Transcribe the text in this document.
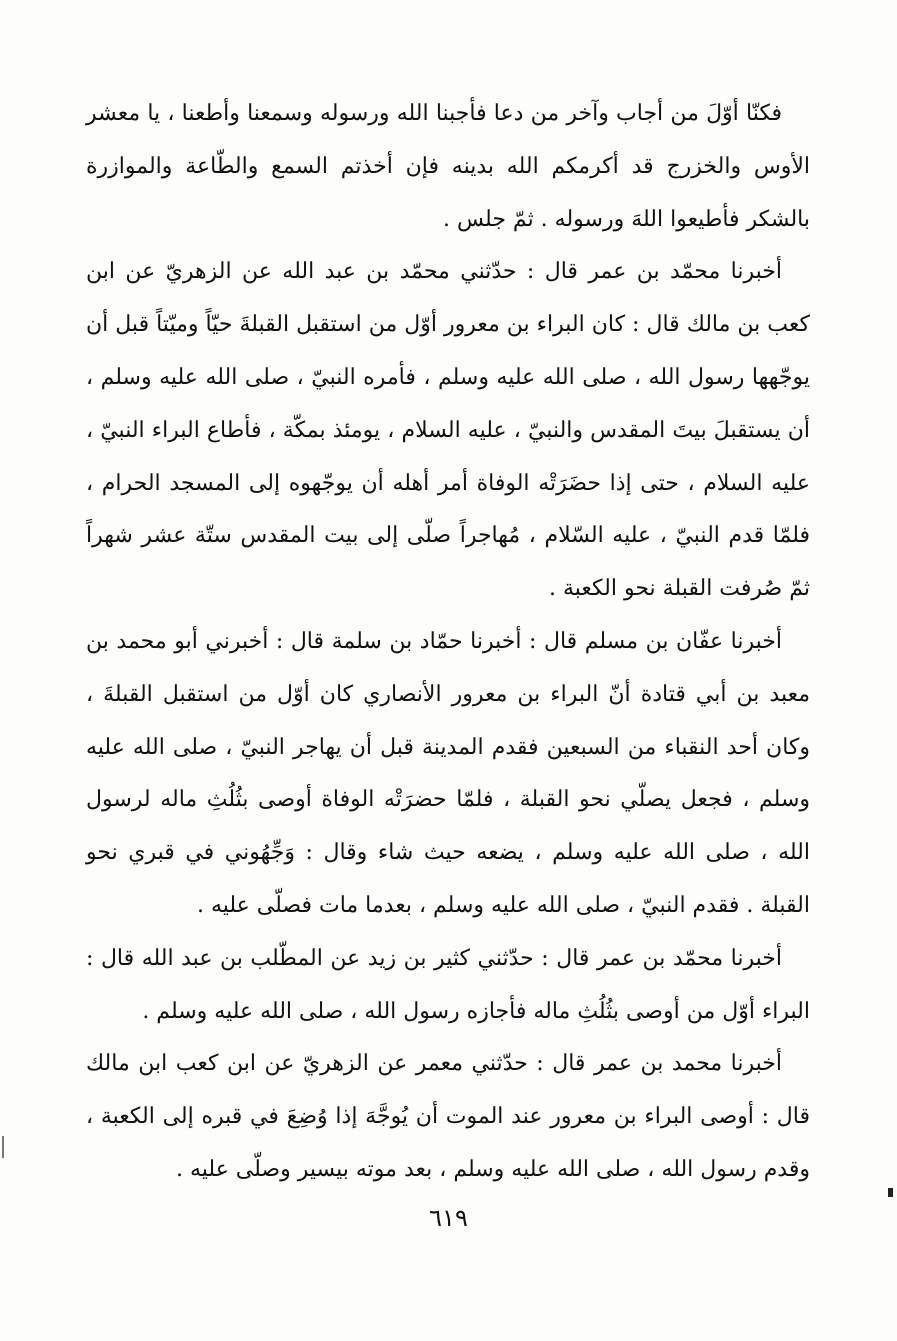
فكنّا أوّلَ من أجاب وآخر من دعا فأجبنا الله ورسوله وسمعنا وأطعنا ، يا معشر الأوس والخزرج قد أكرمكم الله بدينه فإن أخذتم السمع والطّاعة والموازرة بالشكر فأطيعوا اللهَ ورسوله . ثمّ جلس .

أخبرنا محمّد بن عمر قال : حدّثني محمّد بن عبد الله عن الزهريّ عن ابن كعب بن مالك قال : كان البراء بن معرور أوّل من استقبل القبلةَ حيّاً وميّتاً قبل أن يوجّهها رسول الله ، صلى الله عليه وسلم ، فأمره النبيّ ، صلى الله عليه وسلم ، أن يستقبلَ بيتَ المقدس والنبيّ ، عليه السلام ، يومئذ بمكّة ، فأطاع البراء النبيّ ، عليه السلام ، حتى إذا حضَرَتْه الوفاة أمر أهله أن يوجّهوه إلى المسجد الحرام ، فلمّا قدم النبيّ ، عليه السّلام ، مُهاجراً صلّى إلى بيت المقدس ستّة عشر شهراً ثمّ صُرفت القبلة نحو الكعبة .

أخبرنا عفّان بن مسلم قال : أخبرنا حمّاد بن سلمة قال : أخبرني أبو محمد بن معبد بن أبي قتادة أنّ البراء بن معرور الأنصاري كان أوّل من استقبل القبلةَ ، وكان أحد النقباء من السبعين فقدم المدينة قبل أن يهاجر النبيّ ، صلى الله عليه وسلم ، فجعل يصلّي نحو القبلة ، فلمّا حضرَتْه الوفاة أوصى بثُلُثِ ماله لرسول الله ، صلى الله عليه وسلم ، يضعه حيث شاء وقال : وَجِّهُوني في قبري نحو القبلة . فقدم النبيّ ، صلى الله عليه وسلم ، بعدما مات فصلّى عليه .

أخبرنا محمّد بن عمر قال : حدّثني كثير بن زيد عن المطّلب بن عبد الله قال : البراء أوّل من أوصى بثُلُثِ ماله فأجازه رسول الله ، صلى الله عليه وسلم .

أخبرنا محمد بن عمر قال : حدّثني معمر عن الزهريّ عن ابن كعب ابن مالك قال : أوصى البراء بن معرور عند الموت أن يُوجَّهَ إذا وُضِعَ في قبره إلى الكعبة ، وقدم رسول الله ، صلى الله عليه وسلم ، بعد موته بيسير وصلّى عليه .

٦١٩
